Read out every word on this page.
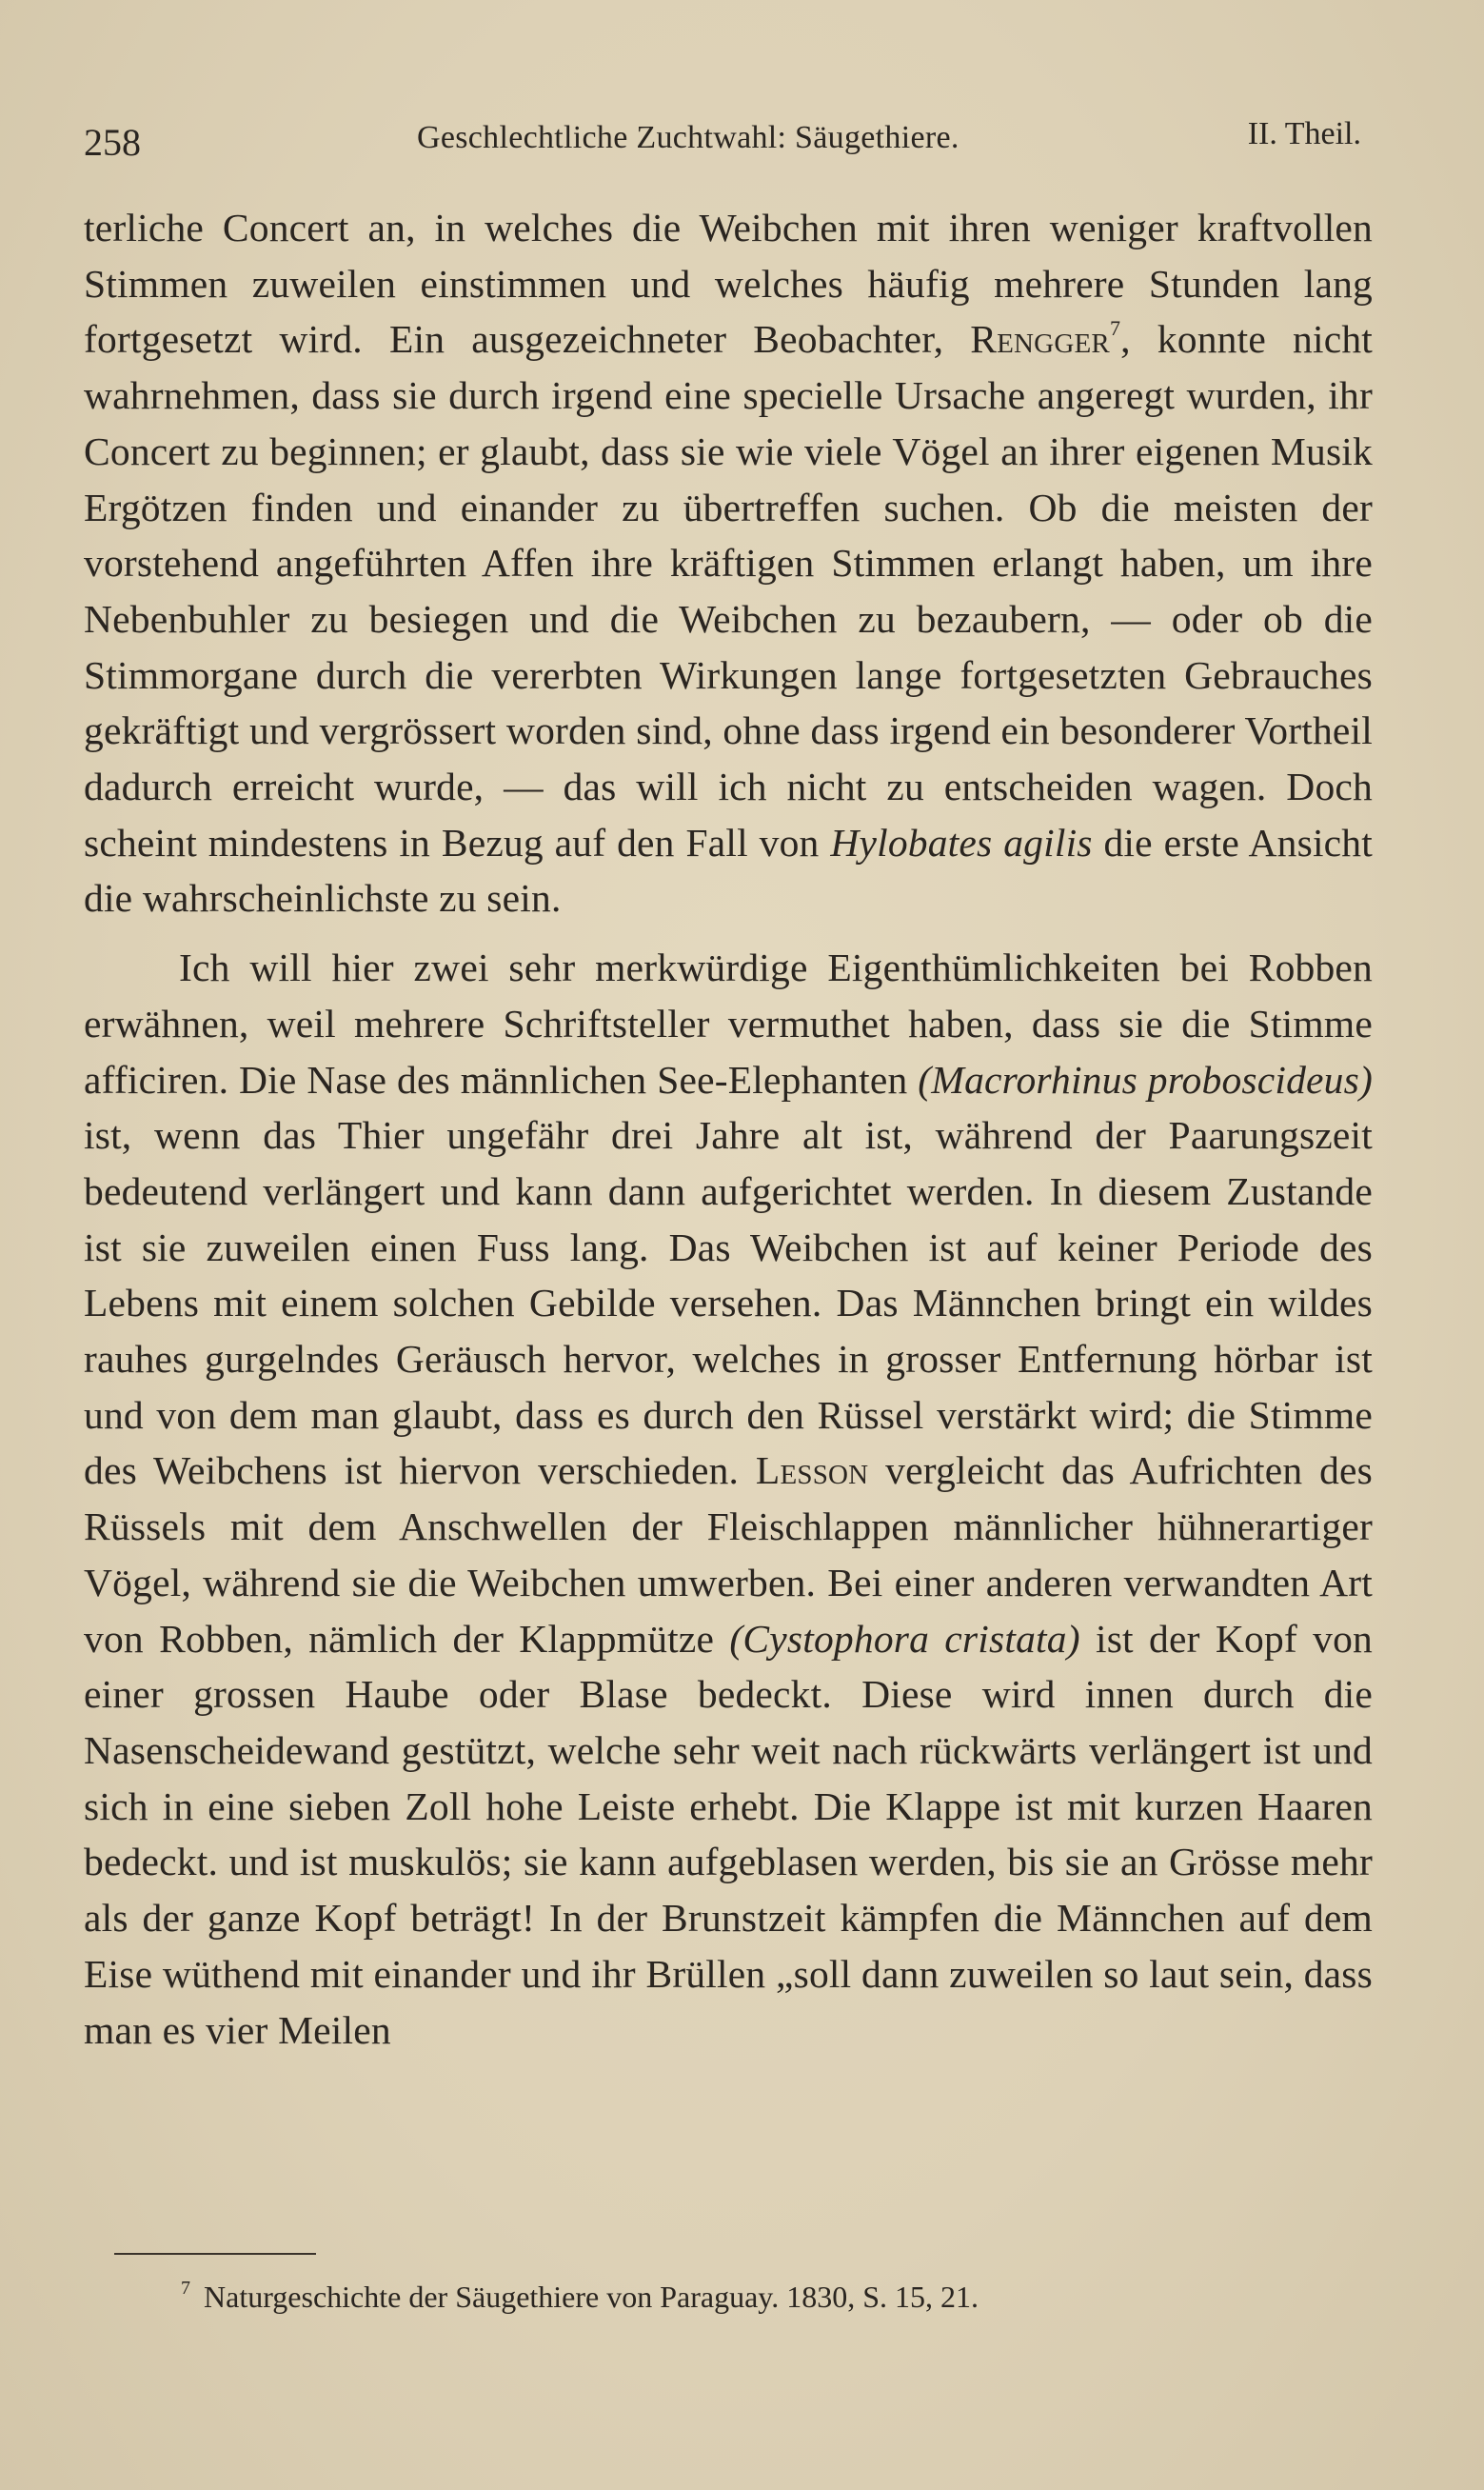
258	Geschlechtliche Zuchtwahl: Säugethiere.	II. Theil.

terliche Concert an, in welches die Weibchen mit ihren weniger kraftvollen Stimmen zuweilen einstimmen und welches häufig mehrere Stunden lang fortgesetzt wird. Ein ausgezeichneter Beobachter, Rengger$^7$, konnte nicht wahrnehmen, dass sie durch irgend eine specielle Ursache angeregt wurden, ihr Concert zu beginnen; er glaubt, dass sie wie viele Vögel an ihrer eigenen Musik Ergötzen finden und einander zu übertreffen suchen. Ob die meisten der vorstehend angeführten Affen ihre kräftigen Stimmen erlangt haben, um ihre Nebenbuhler zu besiegen und die Weibchen zu bezaubern, — oder ob die Stimmorgane durch die vererbten Wirkungen lange fortgesetzten Gebrauches gekräftigt und vergrössert worden sind, ohne dass irgend ein besonderer Vortheil dadurch erreicht wurde, — das will ich nicht zu entscheiden wagen. Doch scheint mindestens in Bezug auf den Fall von Hylobates agilis die erste Ansicht die wahrscheinlichste zu sein.

Ich will hier zwei sehr merkwürdige Eigenthümlichkeiten bei Robben erwähnen, weil mehrere Schriftsteller vermuthet haben, dass sie die Stimme afficiren. Die Nase des männlichen See-Elephanten (Macrorhinus proboscideus) ist, wenn das Thier ungefähr drei Jahre alt ist, während der Paarungszeit bedeutend verlängert und kann dann aufgerichtet werden. In diesem Zustande ist sie zuweilen einen Fuss lang. Das Weibchen ist auf keiner Periode des Lebens mit einem solchen Gebilde versehen. Das Männchen bringt ein wildes rauhes gurgelndes Geräusch hervor, welches in grosser Entfernung hörbar ist und von dem man glaubt, dass es durch den Rüssel verstärkt wird; die Stimme des Weibchens ist hiervon verschieden. Lesson vergleicht das Aufrichten des Rüssels mit dem Anschwellen der Fleischlappen männlicher hühnerartiger Vögel, während sie die Weibchen umwerben. Bei einer anderen verwandten Art von Robben, nämlich der Klappmütze (Cystophora cristata) ist der Kopf von einer grossen Haube oder Blase bedeckt. Diese wird innen durch die Nasenscheidewand gestützt, welche sehr weit nach rückwärts verlängert ist und sich in eine sieben Zoll hohe Leiste erhebt. Die Klappe ist mit kurzen Haaren bedeckt. und ist muskulös; sie kann aufgeblasen werden, bis sie an Grösse mehr als der ganze Kopf beträgt! In der Brunstzeit kämpfen die Männchen auf dem Eise wüthend mit einander und ihr Brüllen „soll dann zuweilen so laut sein, dass man es vier Meilen

$^7$ Naturgeschichte der Säugethiere von Paraguay. 1830, S. 15, 21.
